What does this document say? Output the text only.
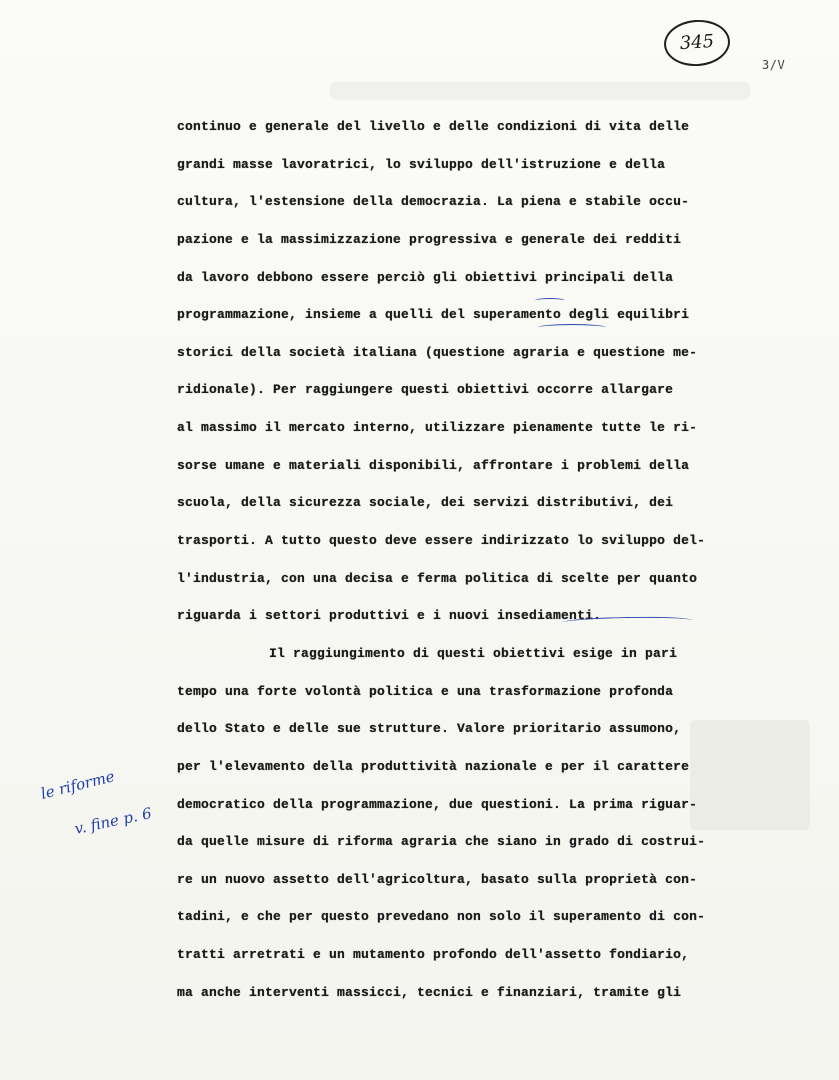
345
3/V
continuo e generale del livello e delle condizioni di vita delle
grandi masse lavoratrici, lo sviluppo dell'istruzione e della
cultura, l'estensione della democrazia. La piena e stabile occu-
pazione e la massimizzazione progressiva e generale dei redditi
da lavoro debbono essere perciò gli obiettivi principali della
programmazione, insieme a quelli del superamento degli equilibri
storici della società italiana (questione agraria e questione me-
ridionale). Per raggiungere questi obiettivi occorre allargare
al massimo il mercato interno, utilizzare pienamente tutte le ri-
sorse umane e materiali disponibili, affrontare i problemi della
scuola, della sicurezza sociale, dei servizi distributivi, dei
trasporti. A tutto questo deve essere indirizzato lo sviluppo del-
l'industria, con una decisa e ferma politica di scelte per quanto
riguarda i settori produttivi e i nuovi insediamenti.
Il raggiungimento di questi obiettivi esige in pari
tempo una forte volontà politica e una trasformazione profonda
dello Stato e delle sue strutture. Valore prioritario assumono,
per l'elevamento della produttività nazionale e per il carattere
democratico della programmazione, due questioni. La prima riguar-
da quelle misure di riforma agraria che siano in grado di costrui-
re un nuovo assetto dell'agricoltura, basato sulla proprietà con-
tadini, e che per questo prevedano non solo il superamento di con-
tratti arretrati e un mutamento profondo dell'assetto fondiario,
ma anche interventi massicci, tecnici e finanziari, tramite gli
le riforme
v. fine p. 6
